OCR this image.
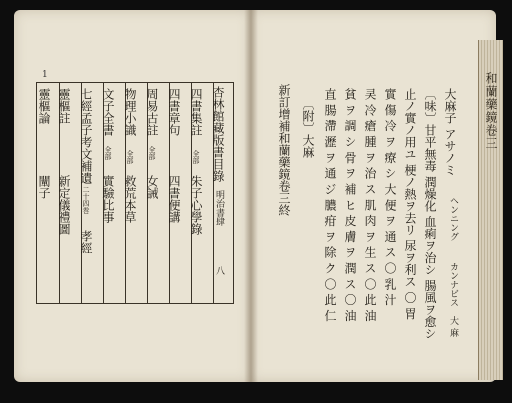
1
杏林館藏版書目錄
明治書肆
八
四書集註
全部
朱子心學錄
四書章句
四書便講
周易古註
全部
女誡
物理小識
全部
救荒本草
文子全書
全部
實驗比事
七經孟子考文補遺
二十四巻
孝經
靈樞註
新定儀禮圖
靈樞論
闡子
大麻子 アサノミ
ヘンニング
カンナビス
大 麻
〔味〕甘平無毒 潤燥化 血痢ヲ治シ 腸風ヲ愈シ
止ノ實ノ用ユ 梗ノ熱ヲ去リ 尿ヲ利ス 〇 胃
實 傷 冷 ヲ 療 シ 大 便 ヲ 通 ス 〇 乳 汁
㚑 冷 瘡 腫 ヲ 治 ス 肌 肉 ヲ 生 ス 〇 此 油
貧 ヲ 調 シ 骨 ヲ 補 ヒ 皮 膚 ヲ 潤 ス 〇 油
直 腸 滯 瀝 ヲ 通 ジ 膿 疳 ヲ 除 ク 〇 此 仁
〔附〕大麻
新訂增補和蘭藥鏡卷三終	和蘭藥鏡卷三
